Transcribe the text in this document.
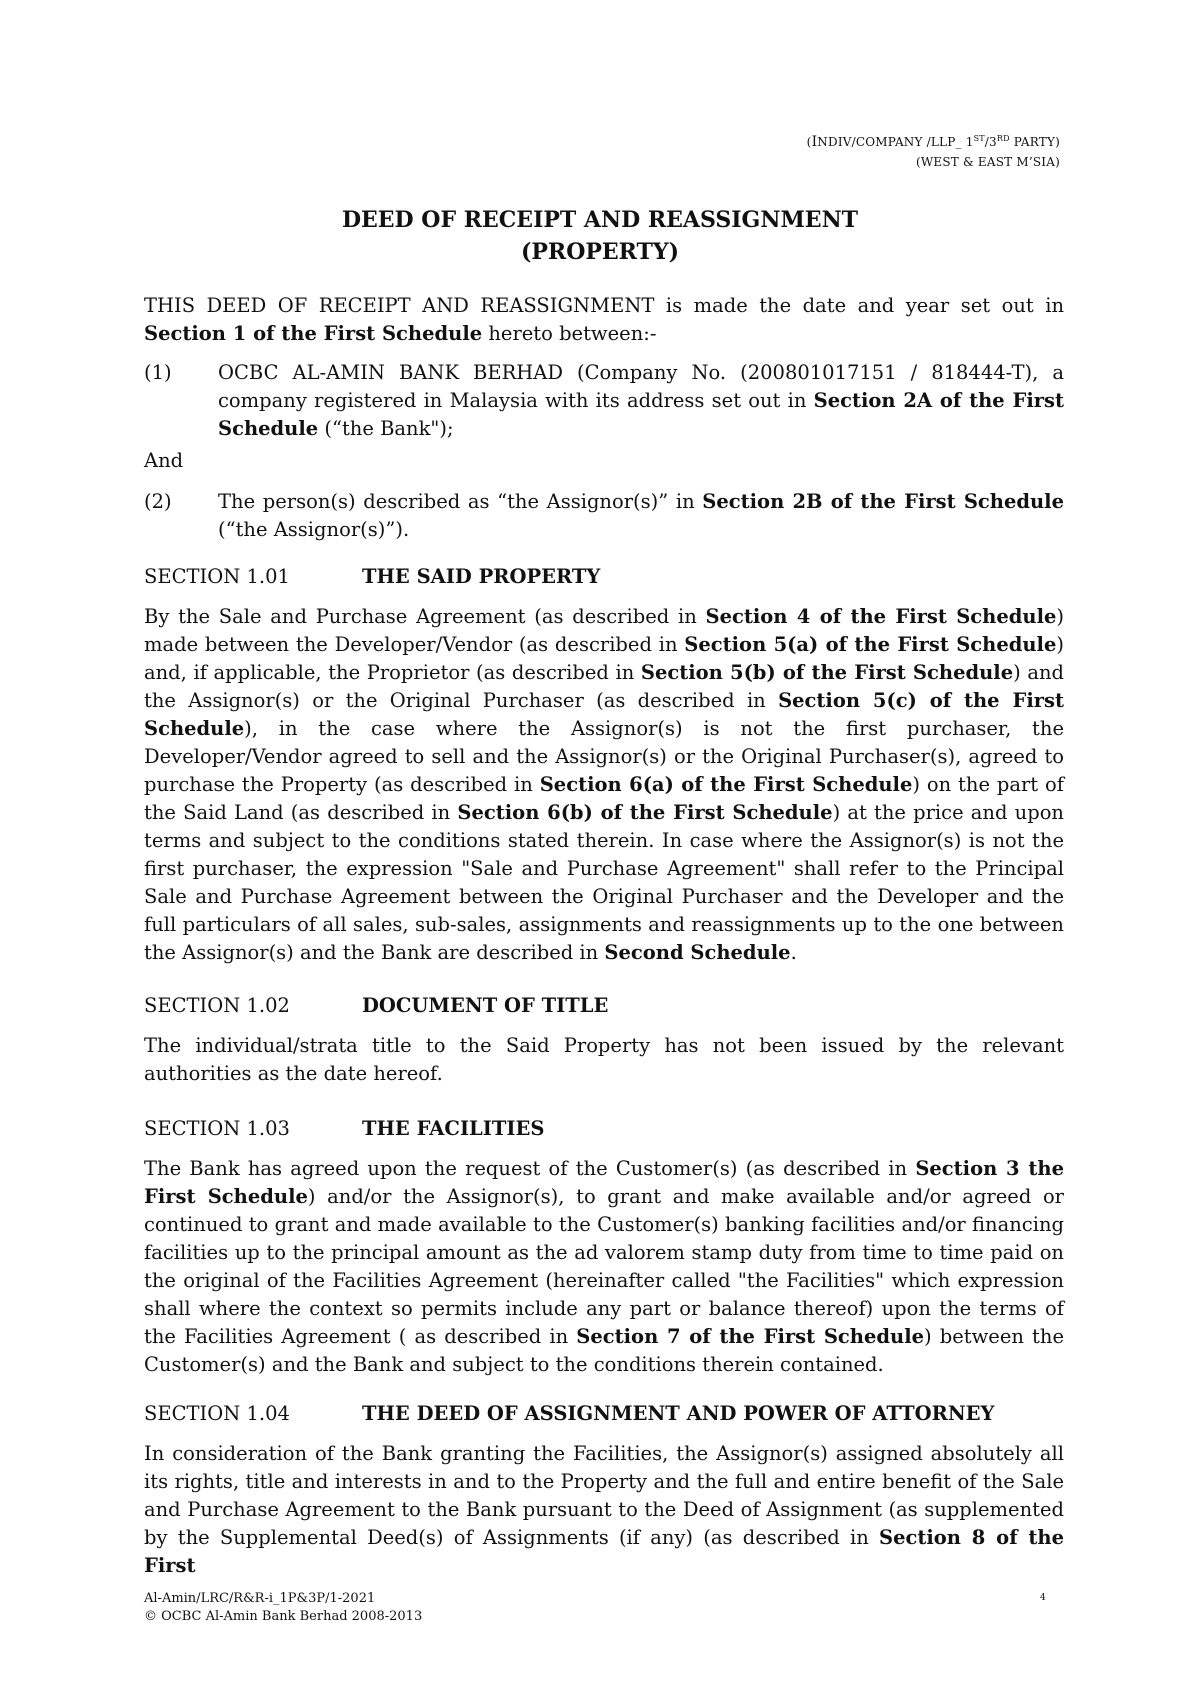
(INDIV/COMPANY /LLP_ 1ST/3RD PARTY)
(WEST & EAST M’SIA)
DEED OF RECEIPT AND REASSIGNMENT
(PROPERTY)
THIS DEED OF RECEIPT AND REASSIGNMENT is made the date and year set out in Section 1 of the First Schedule hereto between:-
(1) OCBC AL-AMIN BANK BERHAD (Company No. (200801017151 / 818444-T), a company registered in Malaysia with its address set out in Section 2A of the First Schedule (“the Bank");
And
(2) The person(s) described as “the Assignor(s)” in Section 2B of the First Schedule (“the Assignor(s)”).
SECTION 1.01	THE SAID PROPERTY
By the Sale and Purchase Agreement (as described in Section 4 of the First Schedule) made between the Developer/Vendor (as described in Section 5(a) of the First Schedule) and, if applicable, the Proprietor (as described in Section 5(b) of the First Schedule) and the Assignor(s) or the Original Purchaser (as described in Section 5(c) of the First Schedule), in the case where the Assignor(s) is not the first purchaser, the Developer/Vendor agreed to sell and the Assignor(s) or the Original Purchaser(s), agreed to purchase the Property (as described in Section 6(a) of the First Schedule) on the part of the Said Land (as described in Section 6(b) of the First Schedule) at the price and upon terms and subject to the conditions stated therein. In case where the Assignor(s) is not the first purchaser, the expression "Sale and Purchase Agreement" shall refer to the Principal Sale and Purchase Agreement between the Original Purchaser and the Developer and the full particulars of all sales, sub-sales, assignments and reassignments up to the one between the Assignor(s) and the Bank are described in Second Schedule.
SECTION 1.02	DOCUMENT OF TITLE
The individual/strata title to the Said Property has not been issued by the relevant authorities as the date hereof.
SECTION 1.03	THE FACILITIES
The Bank has agreed upon the request of the Customer(s) (as described in Section 3 the First Schedule) and/or the Assignor(s), to grant and make available and/or agreed or continued to grant and made available to the Customer(s) banking facilities and/or financing facilities up to the principal amount as the ad valorem stamp duty from time to time paid on the original of the Facilities Agreement (hereinafter called "the Facilities" which expression shall where the context so permits include any part or balance thereof) upon the terms of the Facilities Agreement ( as described in Section 7 of the First Schedule) between the Customer(s) and the Bank and subject to the conditions therein contained.
SECTION 1.04	THE DEED OF ASSIGNMENT AND POWER OF ATTORNEY
In consideration of the Bank granting the Facilities, the Assignor(s) assigned absolutely all its rights, title and interests in and to the Property and the full and entire benefit of the Sale and Purchase Agreement to the Bank pursuant to the Deed of Assignment (as supplemented by the Supplemental Deed(s) of Assignments (if any) (as described in Section 8 of the First
Al-Amin/LRC/R&R-i_1P&3P/1-2021
© OCBC Al-Amin Bank Berhad 2008-2013
4
